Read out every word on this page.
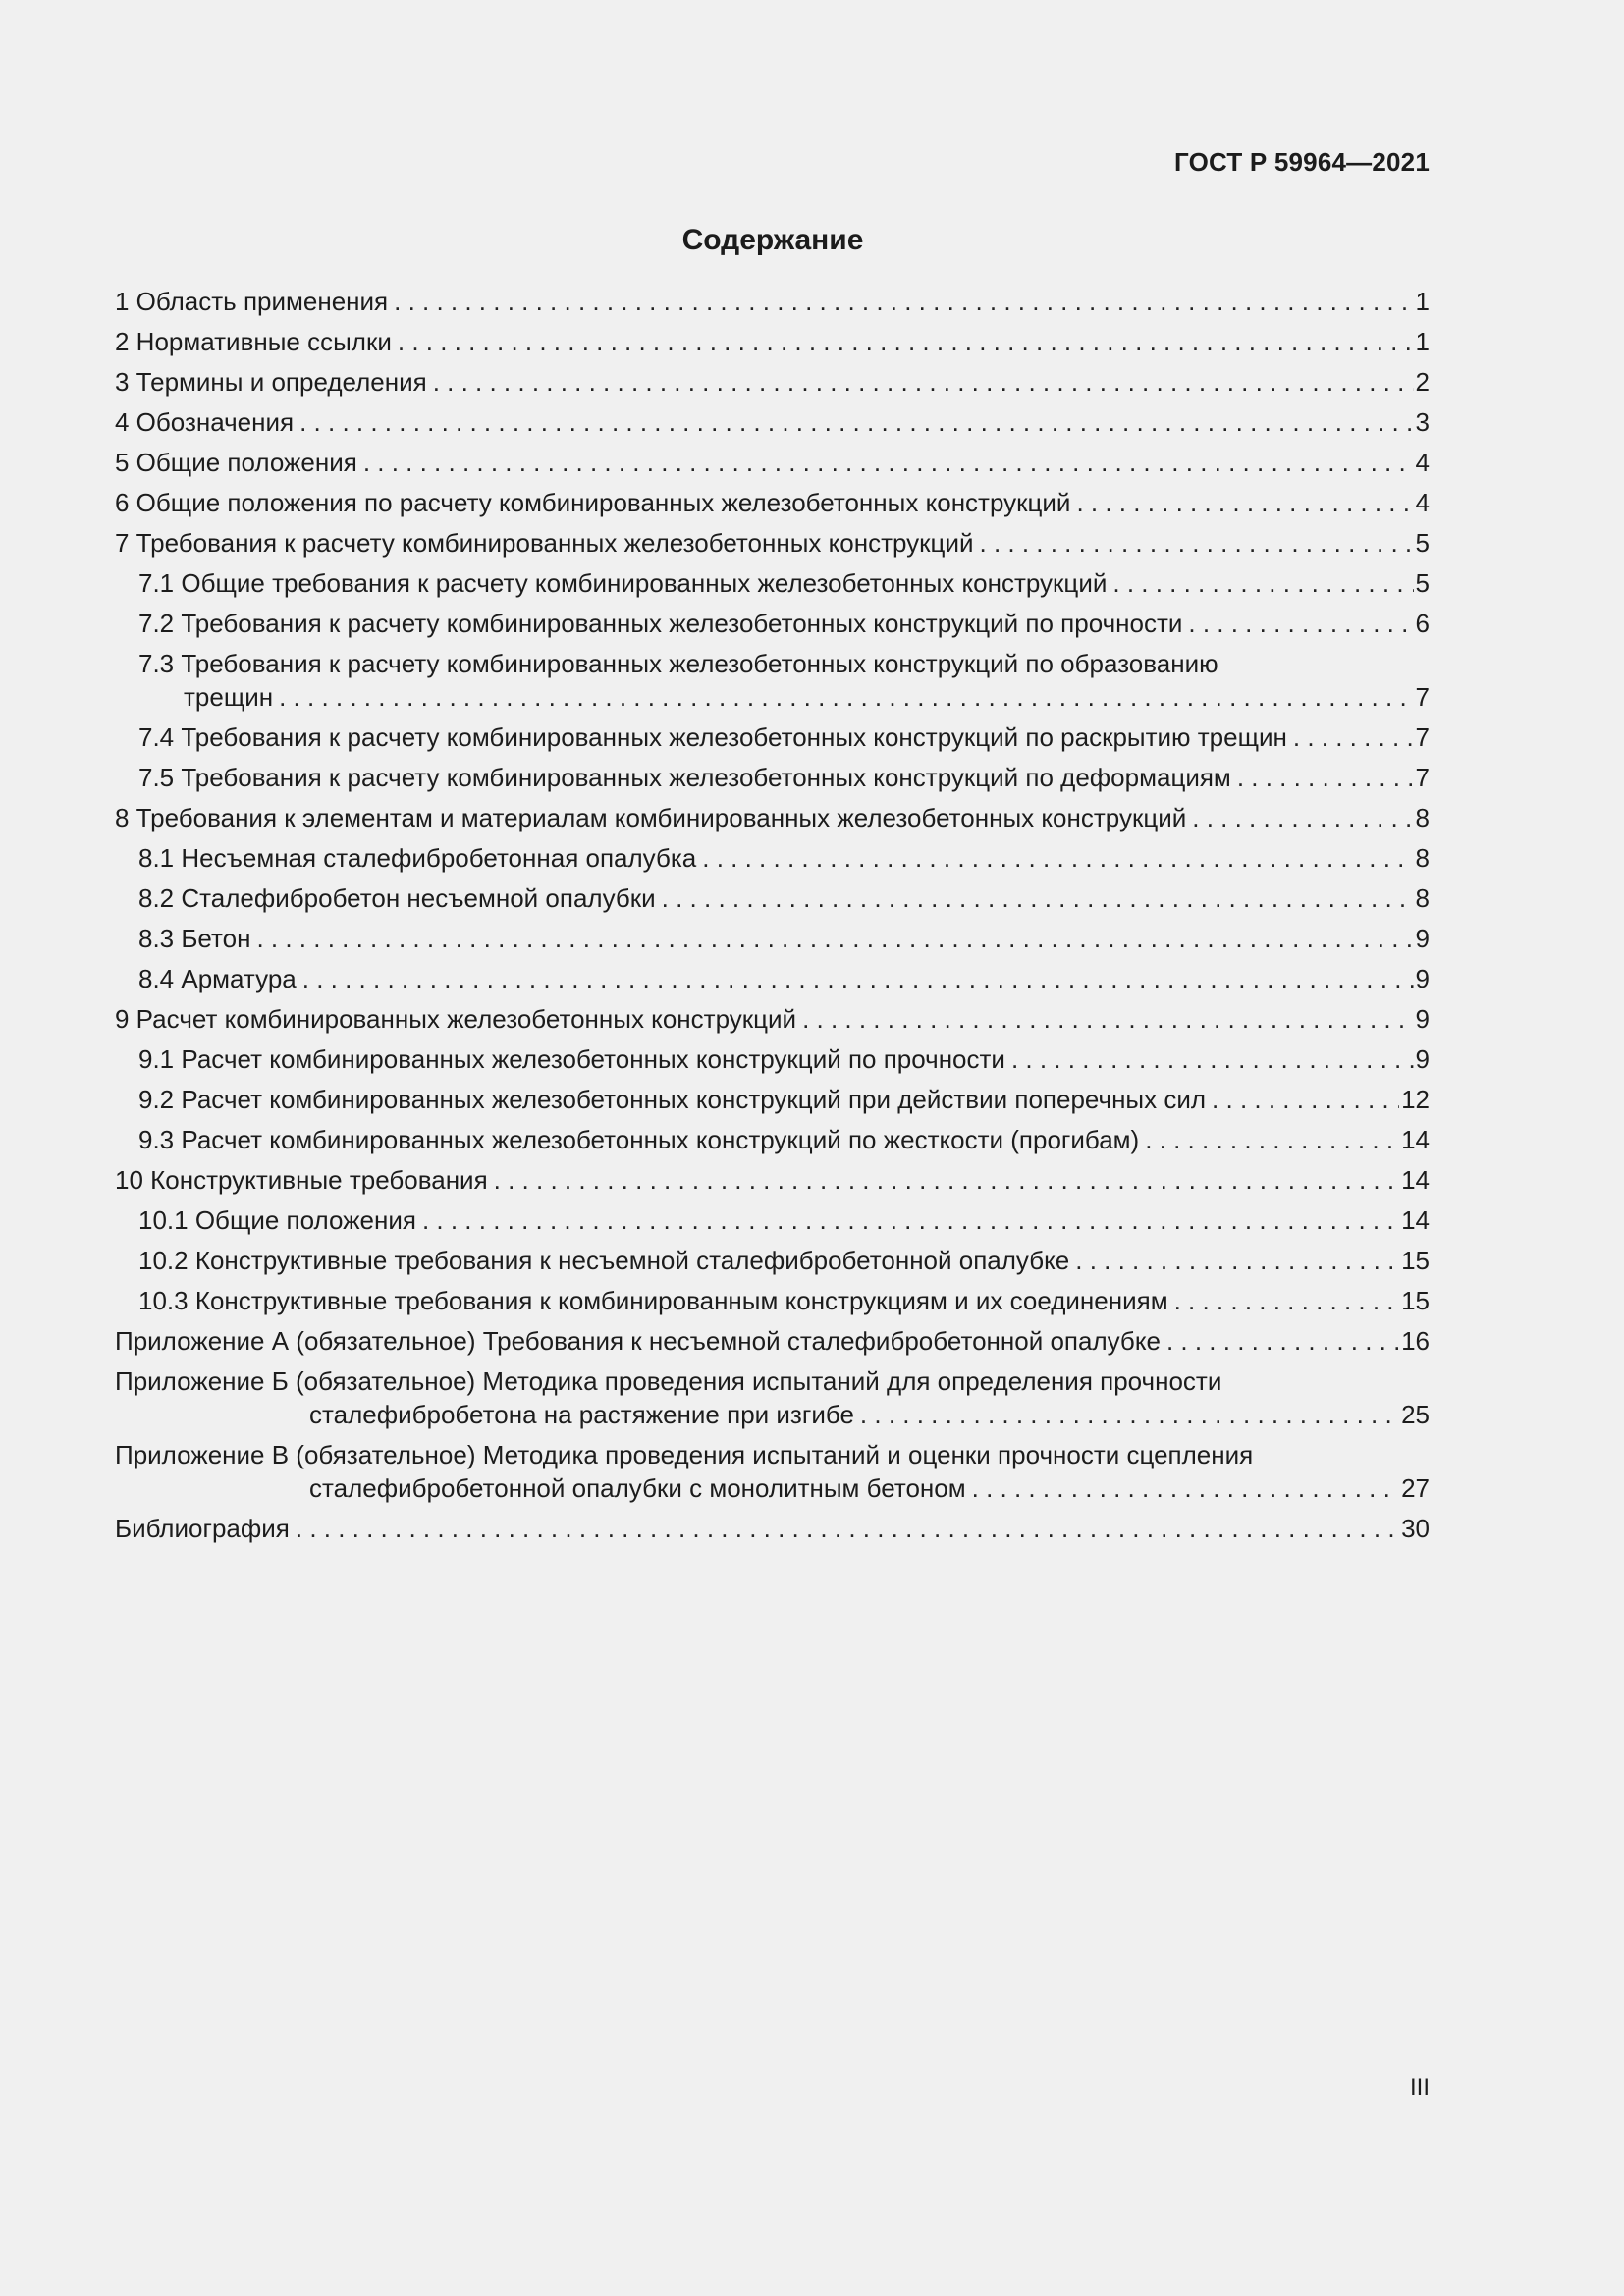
ГОСТ Р 59964—2021
Содержание
1 Область применения . . .	1
2 Нормативные ссылки . . .	1
3 Термины и определения . . .	2
4 Обозначения . . .	3
5 Общие положения . . .	4
6 Общие положения по расчету комбинированных железобетонных конструкций . . .	4
7 Требования к расчету комбинированных железобетонных конструкций . . .	5
7.1 Общие требования к расчету комбинированных железобетонных конструкций . . .	5
7.2 Требования к расчету комбинированных железобетонных конструкций по прочности . . .	6
7.3 Требования к расчету комбинированных железобетонных конструкций по образованию
трещин . . .	7
7.4 Требования к расчету комбинированных железобетонных конструкций по раскрытию трещин . . .	7
7.5 Требования к расчету комбинированных железобетонных конструкций по деформациям . . .	7
8 Требования к элементам и материалам комбинированных железобетонных конструкций . . .	8
8.1 Несъемная сталефибробетонная опалубка . . .	8
8.2 Сталефибробетон несъемной опалубки . . .	8
8.3 Бетон . . .	9
8.4 Арматура . . .	9
9 Расчет комбинированных железобетонных конструкций . . .	9
9.1 Расчет комбинированных железобетонных конструкций по прочности . . .	9
9.2 Расчет комбинированных железобетонных конструкций при действии поперечных сил . . .	12
9.3 Расчет комбинированных железобетонных конструкций по жесткости (прогибам) . . .	14
10 Конструктивные требования . . .	14
10.1 Общие положения . . .	14
10.2 Конструктивные требования к несъемной сталефибробетонной опалубке . . .	15
10.3 Конструктивные требования к комбинированным конструкциям и их соединениям . . .	15
Приложение А (обязательное) Требования к несъемной сталефибробетонной опалубке . . .	16
Приложение Б (обязательное) Методика проведения испытаний для определения прочности
сталефибробетона на растяжение при изгибе . . .	25
Приложение В (обязательное) Методика проведения испытаний и оценки прочности сцепления
сталефибробетонной опалубки с монолитным бетоном . . .	27
Библиография . . .	30
III
